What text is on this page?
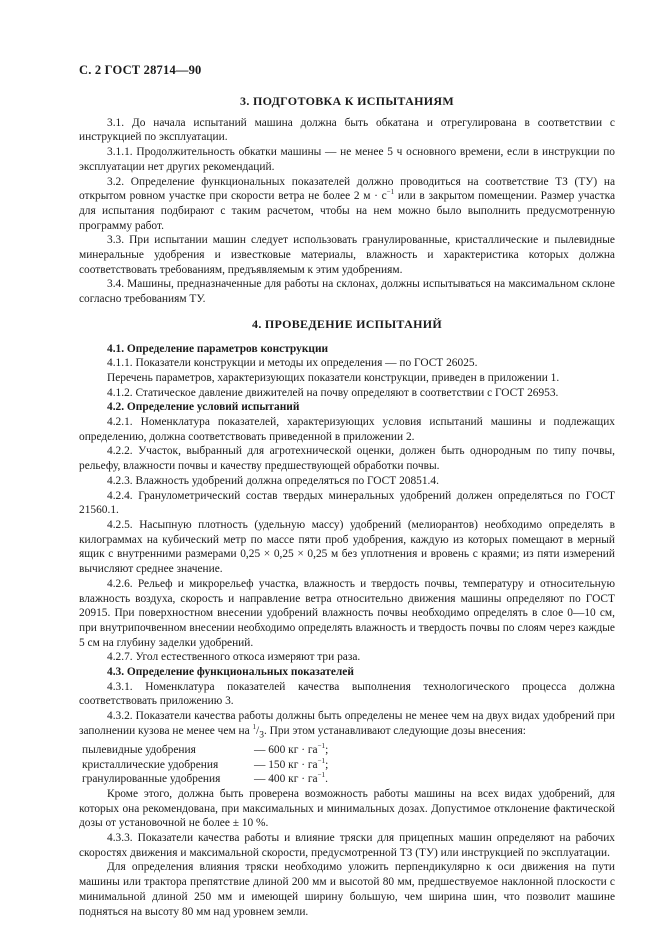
С. 2 ГОСТ 28714—90
3. ПОДГОТОВКА К ИСПЫТАНИЯМ

3.1. До начала испытаний машина должна быть обкатана и отрегулирована в соответствии с инструкцией по эксплуатации.

3.1.1. Продолжительность обкатки машины — не менее 5 ч основного времени, если в инструкции по эксплуатации нет других рекомендаций.

3.2. Определение функциональных показателей должно проводиться на соответствие ТЗ (ТУ) на открытом ровном участке при скорости ветра не более 2 $м \cdot с^{-1}$ или в закрытом помещении. Размер участка для испытания подбирают с таким расчетом, чтобы на нем можно было выполнить предусмотренную программу работ.

3.3. При испытании машин следует использовать гранулированные, кристаллические и пылевидные минеральные удобрения и известковые материалы, влажность и характеристика которых должна соответствовать требованиям, предъявляемым к этим удобрениям.

3.4. Машины, предназначенные для работы на склонах, должны испытываться на максимальном склоне согласно требованиям ТУ.

4. ПРОВЕДЕНИЕ ИСПЫТАНИЙ

4.1. Определение параметров конструкции

4.1.1. Показатели конструкции и методы их определения — по ГОСТ 26025.

Перечень параметров, характеризующих показатели конструкции, приведен в приложении 1.

4.1.2. Статическое давление движителей на почву определяют в соответствии с ГОСТ 26953.

4.2. Определение условий испытаний

4.2.1. Номенклатура показателей, характеризующих условия испытаний машины и подлежащих определению, должна соответствовать приведенной в приложении 2.

4.2.2. Участок, выбранный для агротехнической оценки, должен быть однородным по типу почвы, рельефу, влажности почвы и качеству предшествующей обработки почвы.

4.2.3. Влажность удобрений должна определяться по ГОСТ 20851.4.

4.2.4. Гранулометрический состав твердых минеральных удобрений должен определяться по ГОСТ 21560.1.

4.2.5. Насыпную плотность (удельную массу) удобрений (мелиорантов) необходимо определять в килограммах на кубический метр по массе пяти проб удобрения, каждую из которых помещают в мерный ящик с внутренними размерами 0,25 × 0,25 × 0,25 м без уплотнения и вровень с краями; из пяти измерений вычисляют среднее значение.

4.2.6. Рельеф и микрорельеф участка, влажность и твердость почвы, температуру и относительную влажность воздуха, скорость и направление ветра относительно движения машины определяют по ГОСТ 20915. При поверхностном внесении удобрений влажность почвы необходимо определять в слое 0—10 см, при внутрипочвенном внесении необходимо определять влажность и твердость почвы по слоям через каждые 5 см на глубину заделки удобрений.

4.2.7. Угол естественного откоса измеряют три раза.

4.3. Определение функциональных показателей

4.3.1. Номенклатура показателей качества выполнения технологического процесса должна соответствовать приложению 3.

4.3.2. Показатели качества работы должны быть определены не менее чем на двух видах удобрений при заполнении кузова не менее чем на $^1/_3$. При этом устанавливают следующие дозы внесения:

пылевидные удобрения	— 600 кг · $га^{-1}$;
кристаллические удобрения	— 150 кг · $га^{-1}$;
гранулированные удобрения	— 400 кг · $га^{-1}$.

Кроме этого, должна быть проверена возможность работы машины на всех видах удобрений, для которых она рекомендована, при максимальных и минимальных дозах. Допустимое отклонение фактической дозы от установочной не более ± 10 %.

4.3.3. Показатели качества работы и влияние тряски для прицепных машин определяют на рабочих скоростях движения и максимальной скорости, предусмотренной ТЗ (ТУ) или инструкцией по эксплуатации.

Для определения влияния тряски необходимо уложить перпендикулярно к оси движения на пути машины или трактора препятствие длиной 200 мм и высотой 80 мм, предшествуемое наклонной плоскости с минимальной длиной 250 мм и имеющей ширину большую, чем ширина шин, что позволит машине подняться на высоту 80 мм над уровнем земли.
